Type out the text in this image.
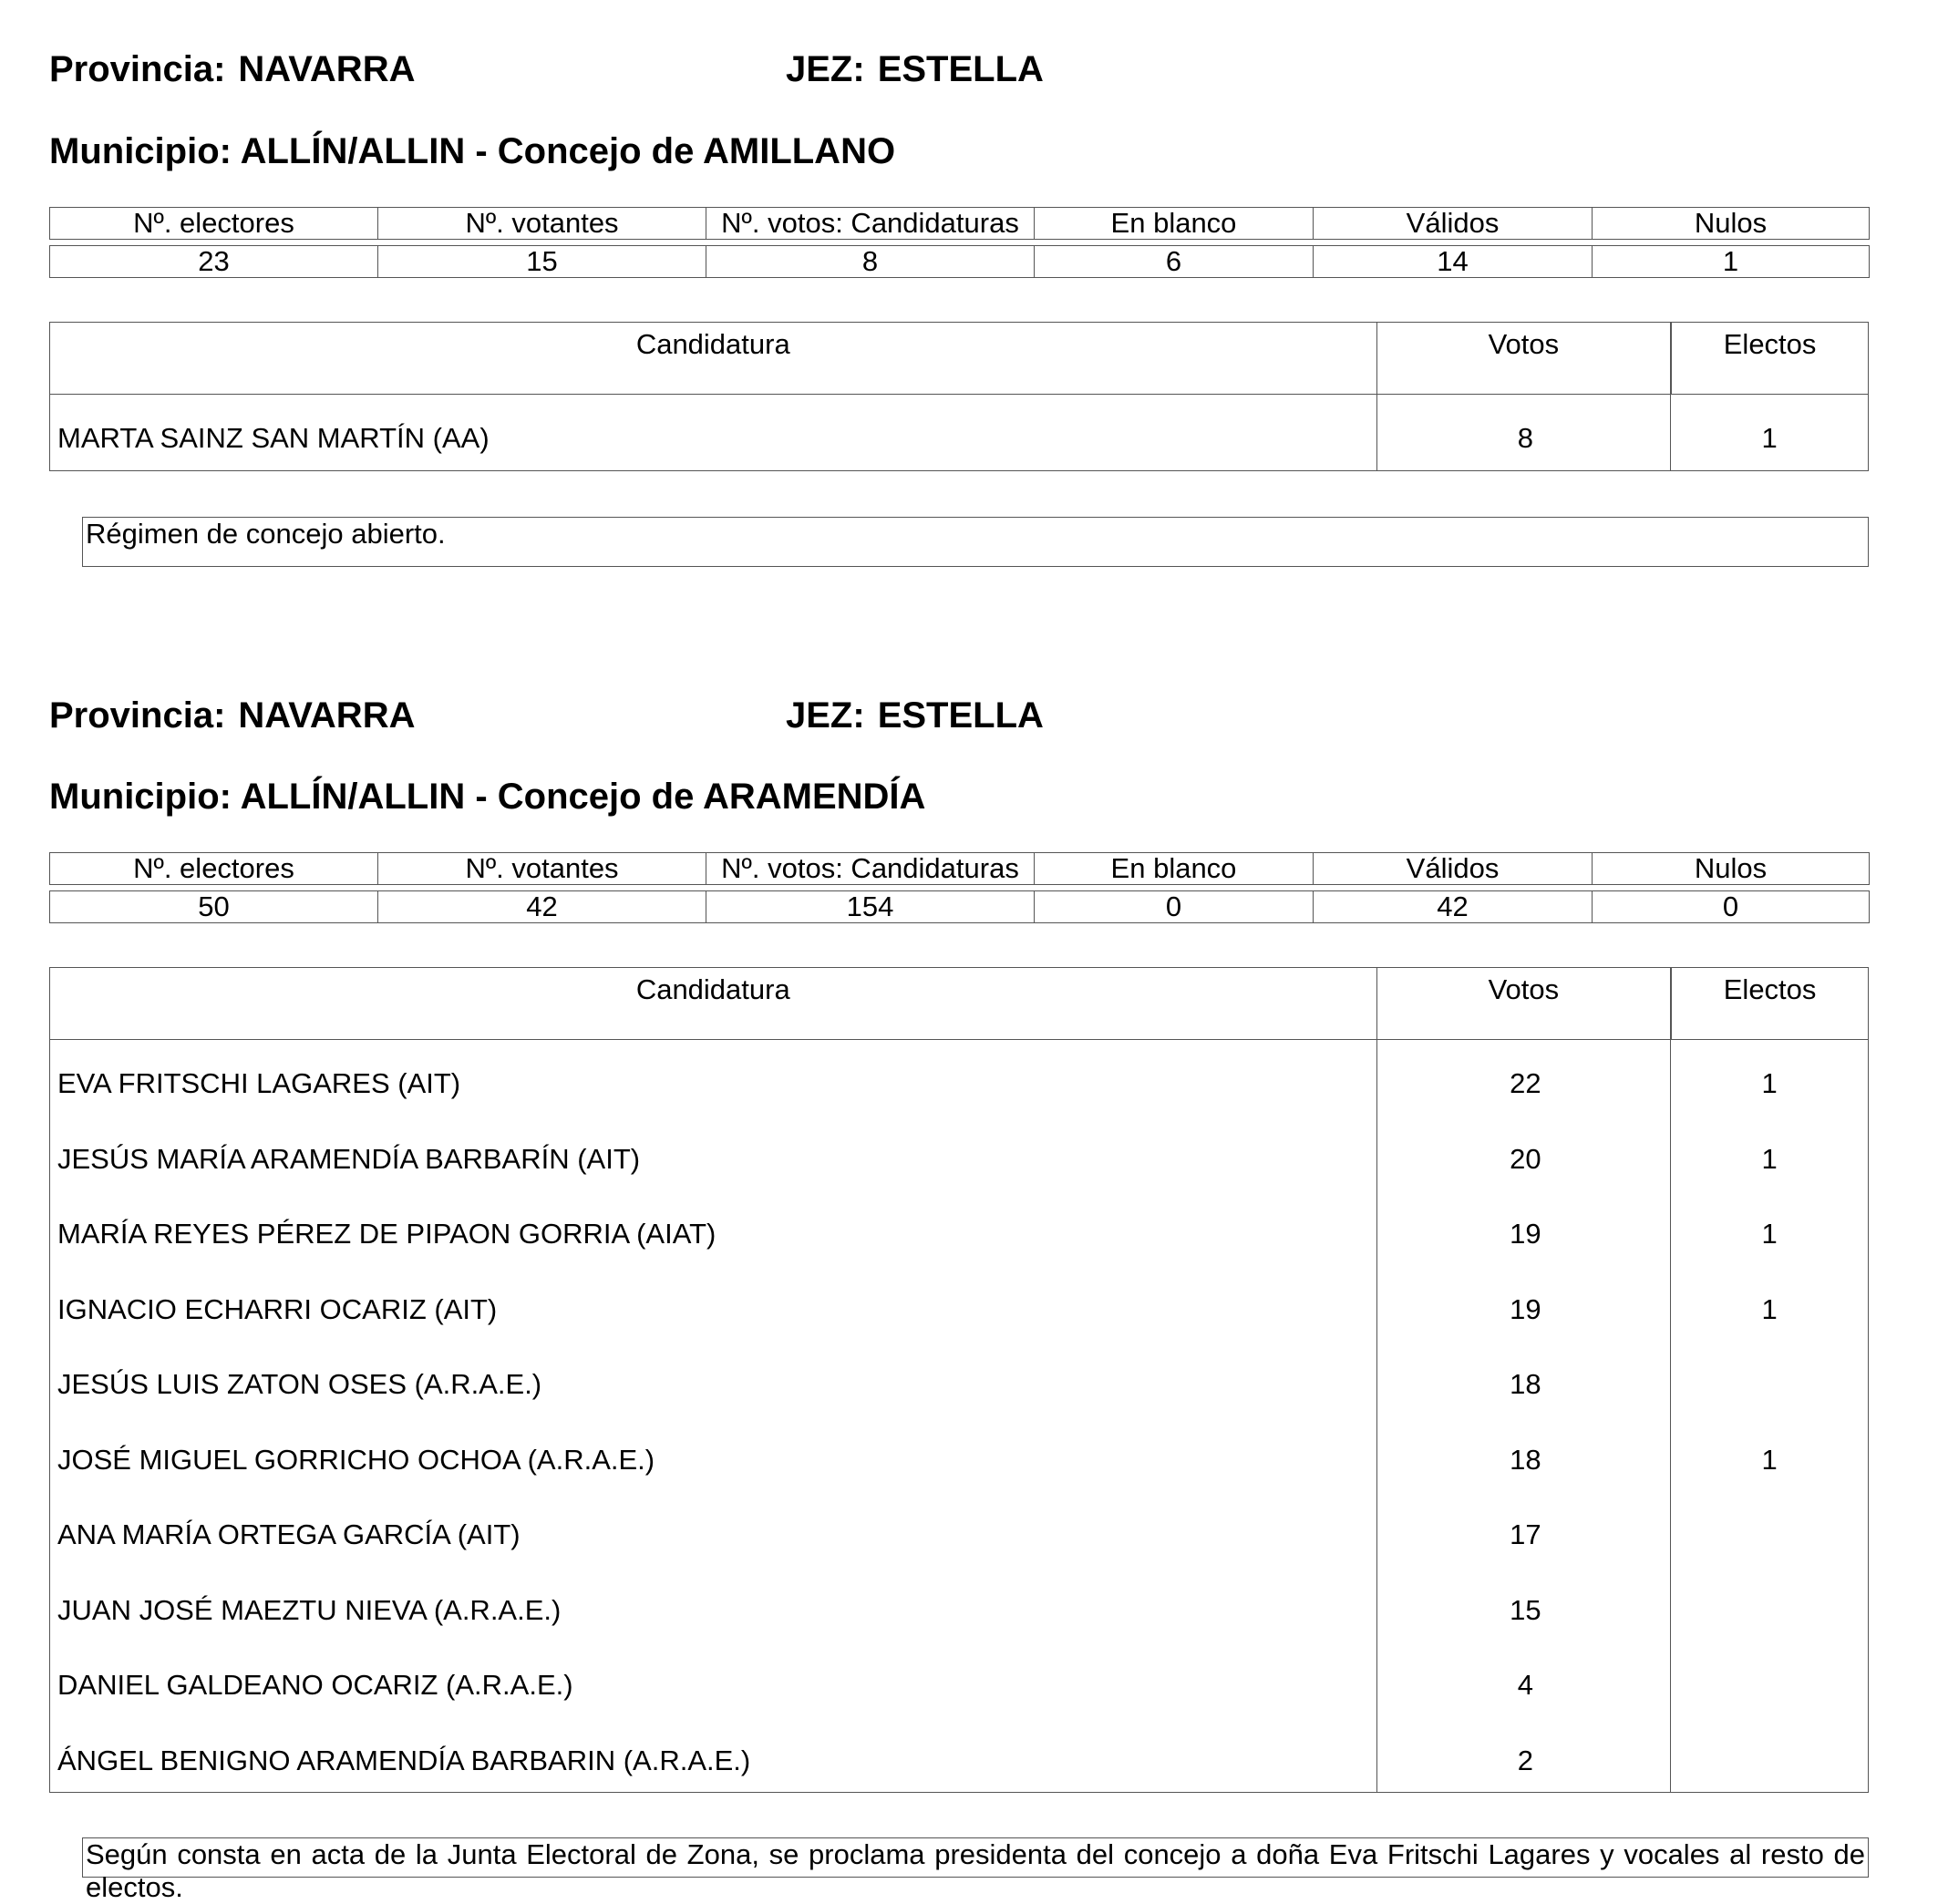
Provincia: NAVARRA	JEZ: ESTELLA
Municipio: ALLÍN/ALLIN - Concejo de AMILLANO
Nº. electores	Nº. votantes	Nº. votos: Candidaturas	En blanco	Válidos	Nulos
23	15	8	6	14	1
Candidatura	Votos	Electos
MARTA SAINZ SAN MARTÍN (AA)	8	1
Régimen de concejo abierto.
Provincia: NAVARRA	JEZ: ESTELLA
Municipio: ALLÍN/ALLIN - Concejo de ARAMENDÍA
Nº. electores	Nº. votantes	Nº. votos: Candidaturas	En blanco	Válidos	Nulos
50	42	154	0	42	0
Candidatura	Votos	Electos
EVA FRITSCHI LAGARES (AIT)	22	1
JESÚS MARÍA ARAMENDÍA BARBARÍN (AIT)	20	1
MARÍA REYES PÉREZ DE PIPAON GORRIA (AIAT)	19	1
IGNACIO ECHARRI OCARIZ (AIT)	19	1
JESÚS LUIS ZATON OSES (A.R.A.E.)	18
JOSÉ MIGUEL GORRICHO OCHOA (A.R.A.E.)	18	1
ANA MARÍA ORTEGA GARCÍA (AIT)	17
JUAN JOSÉ MAEZTU NIEVA (A.R.A.E.)	15
DANIEL GALDEANO OCARIZ (A.R.A.E.)	4
ÁNGEL BENIGNO ARAMENDÍA BARBARIN (A.R.A.E.)	2
Según consta en acta de la Junta Electoral de Zona, se proclama presidenta del concejo a doña Eva Fritschi Lagares y vocales al resto de electos.
